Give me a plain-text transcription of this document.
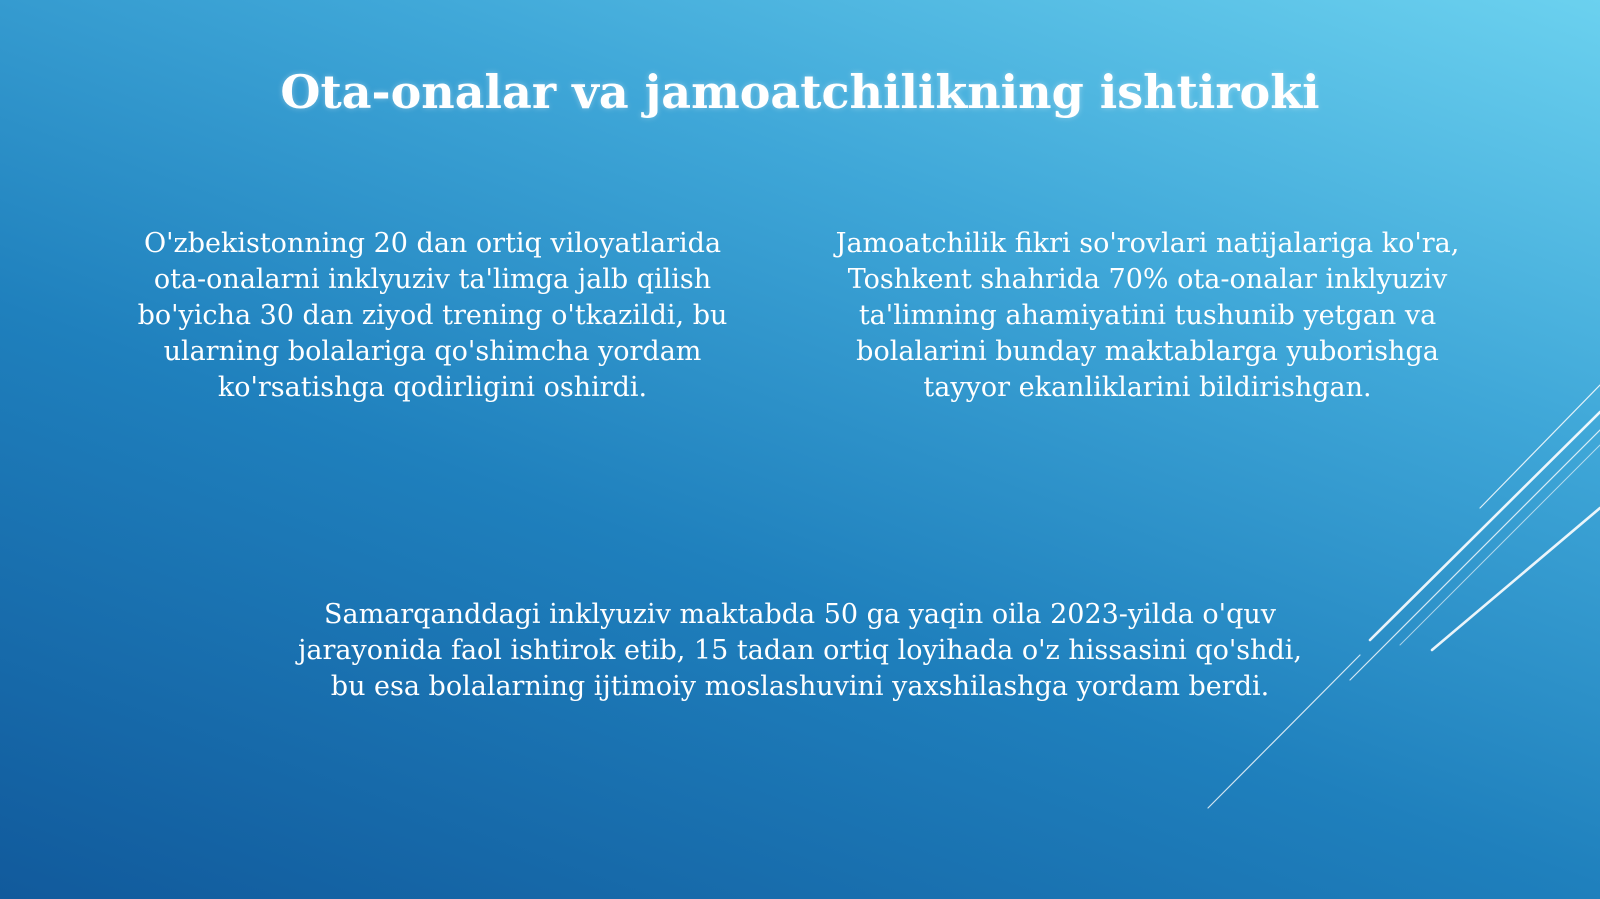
Ota-onalar va jamoatchilikning ishtiroki

O'zbekistonning 20 dan ortiq viloyatlarida ota-onalarni inklyuziv ta'limga jalb qilish bo'yicha 30 dan ziyod trening o'tkazildi, bu ularning bolalariga qo'shimcha yordam ko'rsatishga qodirligini oshirdi.

Jamoatchilik fikri so'rovlari natijalariga ko'ra, Toshkent shahrida 70% ota-onalar inklyuziv ta'limning ahamiyatini tushunib yetgan va bolalarini bunday maktablarga yuborishga tayyor ekanliklarini bildirishgan.

Samarqanddagi inklyuziv maktabda 50 ga yaqin oila 2023-yilda o'quv jarayonida faol ishtirok etib, 15 tadan ortiq loyihada o'z hissasini qo'shdi, bu esa bolalarning ijtimoiy moslashuvini yaxshilashga yordam berdi.
